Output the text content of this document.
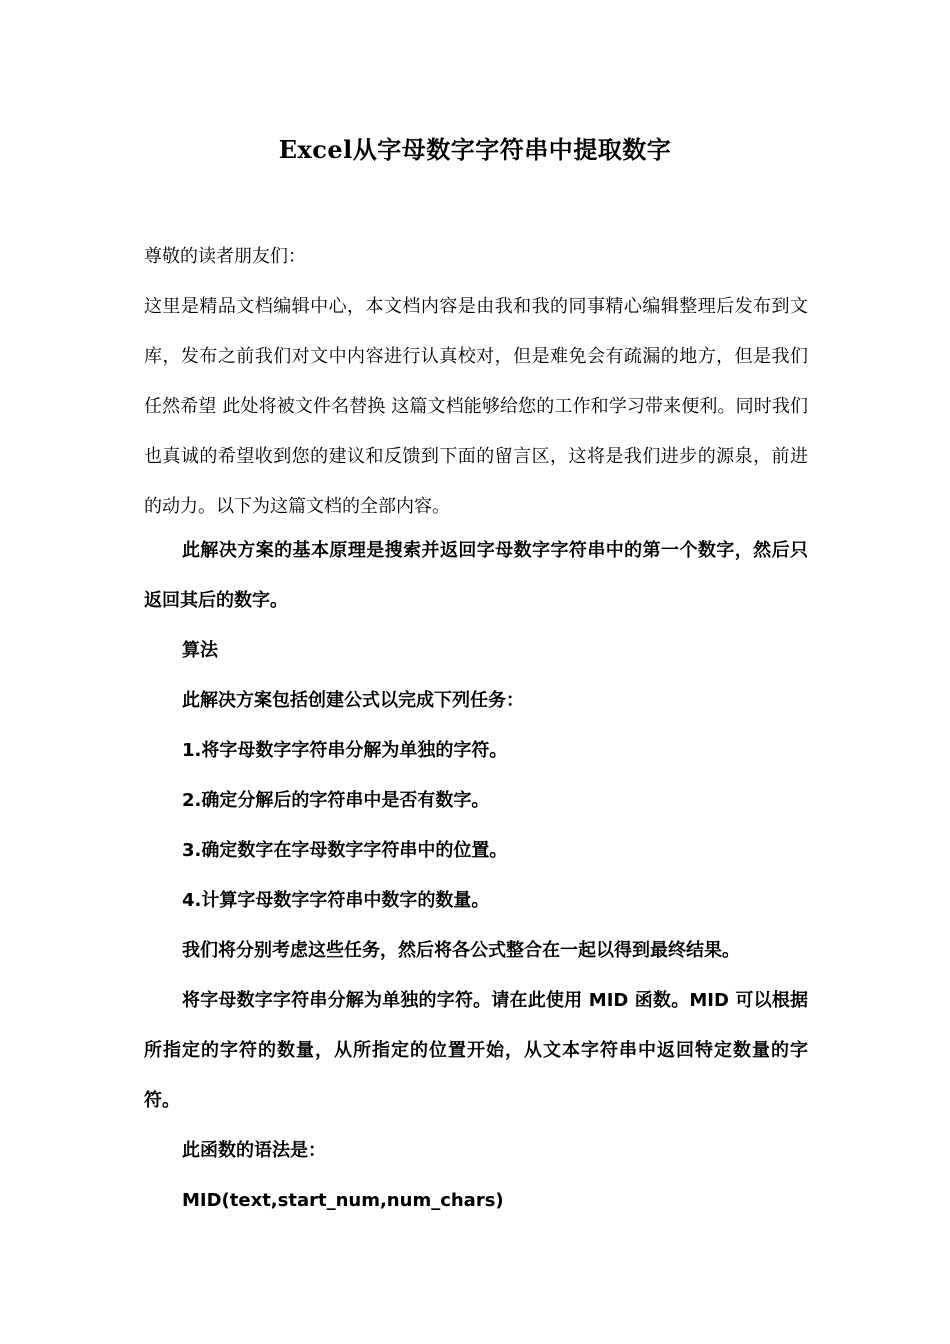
Excel从字母数字字符串中提取数字

尊敬的读者朋友们：

这里是精品文档编辑中心，本文档内容是由我和我的同事精心编辑整理后发布到文库，发布之前我们对文中内容进行认真校对，但是难免会有疏漏的地方，但是我们任然希望 此处将被文件名替换 这篇文档能够给您的工作和学习带来便利。同时我们也真诚的希望收到您的建议和反馈到下面的留言区，这将是我们进步的源泉，前进的动力。以下为这篇文档的全部内容。

此解决方案的基本原理是搜索并返回字母数字字符串中的第一个数字，然后只返回其后的数字。

算法

此解决方案包括创建公式以完成下列任务：

1.将字母数字字符串分解为单独的字符。

2.确定分解后的字符串中是否有数字。

3.确定数字在字母数字字符串中的位置。

4.计算字母数字字符串中数字的数量。

我们将分别考虑这些任务，然后将各公式整合在一起以得到最终结果。

将字母数字字符串分解为单独的字符。请在此使用 MID 函数。MID 可以根据所指定的字符的数量，从所指定的位置开始，从文本字符串中返回特定数量的字符。

此函数的语法是：

MID(text,start_num,num_chars)
